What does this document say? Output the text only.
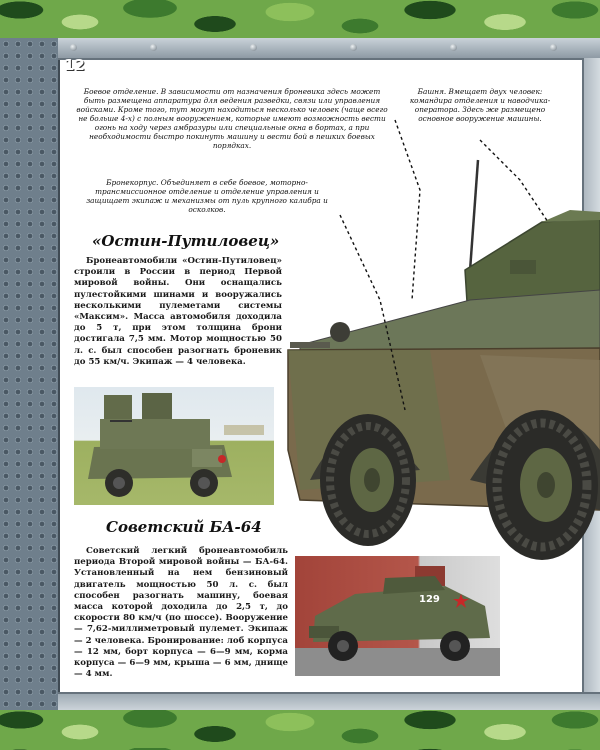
12
Боевое отделение. В зависимости от назначения броневика здесь может быть размещена аппаратура для ведения разведки, связи или управления войсками. Кроме того, тут могут находиться несколько человек (чаще всего не больше 4-х) с полным вооружением, которые имеют возможность вести огонь на ходу через амбразуры или специальные окна в бортах, а при необходимости быстро покинуть машину и вести бой в пешких боевых порядках.
Башня. Вмещает двух человек: командира отделения и наводчика-оператора. Здесь же размещено основное вооружение машины.
Бронекорпус. Объединяет в себе боевое, моторно-трансмиссионное отделение и отделение управления и защищает экипаж и механизмы от пуль крупного калибра и осколков.
«Остин-Путиловец»

Бронеавтомобили «Остин-Путиловец» строили в России в период Первой мировой войны. Они оснащались пулестойкими шинами и вооружались несколькими пулеметами системы «Максим». Масса автомобиля доходила до 5 т, при этом толщина брони достигала 7,5 мм. Мотор мощностью 50 л. с. был способен разогнать броневик до 55 км/ч. Экипаж — 4 человека.

Советский БА-64

Советский легкий бронеавтомобиль периода Второй мировой войны — БА-64. Установленный на нем бензиновый двигатель мощностью 50 л. с. был способен разогнать машину, боевая масса которой доходила до 2,5 т, до скорости 80 км/ч (по шоссе). Вооружение — 7,62-миллиметровый пулемет. Экипаж — 2 человека. Бронирование: лоб корпуса — 12 мм, борт корпуса — 6—9 мм, корма корпуса — 6—9 мм, крыша — 6 мм, днище — 4 мм.

129
